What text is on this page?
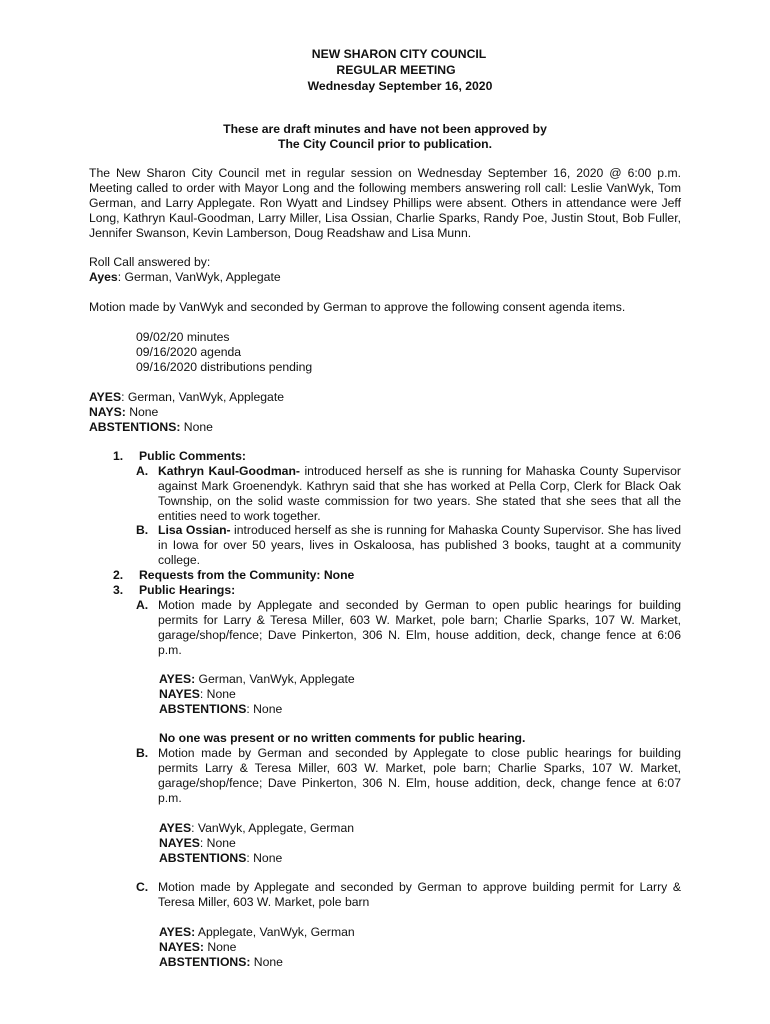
NEW SHARON CITY COUNCIL
REGULAR MEETING
Wednesday September 16, 2020
These are draft minutes and have not been approved by
The City Council prior to publication.
The New Sharon City Council met in regular session on Wednesday September 16, 2020 @ 6:00 p.m. Meeting called to order with Mayor Long and the following members answering roll call: Leslie VanWyk, Tom German, and Larry Applegate. Ron Wyatt and Lindsey Phillips were absent. Others in attendance were Jeff Long, Kathryn Kaul-Goodman, Larry Miller, Lisa Ossian, Charlie Sparks, Randy Poe, Justin Stout, Bob Fuller, Jennifer Swanson, Kevin Lamberson, Doug Readshaw and Lisa Munn.
Roll Call answered by:
Ayes: German, VanWyk, Applegate
Motion made by VanWyk and seconded by German to approve the following consent agenda items.
09/02/20 minutes
09/16/2020 agenda
09/16/2020 distributions pending
AYES: German, VanWyk, Applegate
NAYS: None
ABSTENTIONS: None
1. Public Comments:
A. Kathryn Kaul-Goodman- introduced herself as she is running for Mahaska County Supervisor against Mark Groenendyk. Kathryn said that she has worked at Pella Corp, Clerk for Black Oak Township, on the solid waste commission for two years. She stated that she sees that all the entities need to work together.
B. Lisa Ossian- introduced herself as she is running for Mahaska County Supervisor. She has lived in Iowa for over 50 years, lives in Oskaloosa, has published 3 books, taught at a community college.
2. Requests from the Community: None
3. Public Hearings:
A. Motion made by Applegate and seconded by German to open public hearings for building permits for Larry & Teresa Miller, 603 W. Market, pole barn; Charlie Sparks, 107 W. Market, garage/shop/fence; Dave Pinkerton, 306 N. Elm, house addition, deck, change fence at 6:06 p.m.
AYES: German, VanWyk, Applegate
NAYES: None
ABSTENTIONS: None
No one was present or no written comments for public hearing.
B. Motion made by German and seconded by Applegate to close public hearings for building permits Larry & Teresa Miller, 603 W. Market, pole barn; Charlie Sparks, 107 W. Market, garage/shop/fence; Dave Pinkerton, 306 N. Elm, house addition, deck, change fence at 6:07 p.m.
AYES: VanWyk, Applegate, German
NAYES: None
ABSTENTIONS: None
C. Motion made by Applegate and seconded by German to approve building permit for Larry & Teresa Miller, 603 W. Market, pole barn
AYES: Applegate, VanWyk, German
NAYES: None
ABSTENTIONS: None
